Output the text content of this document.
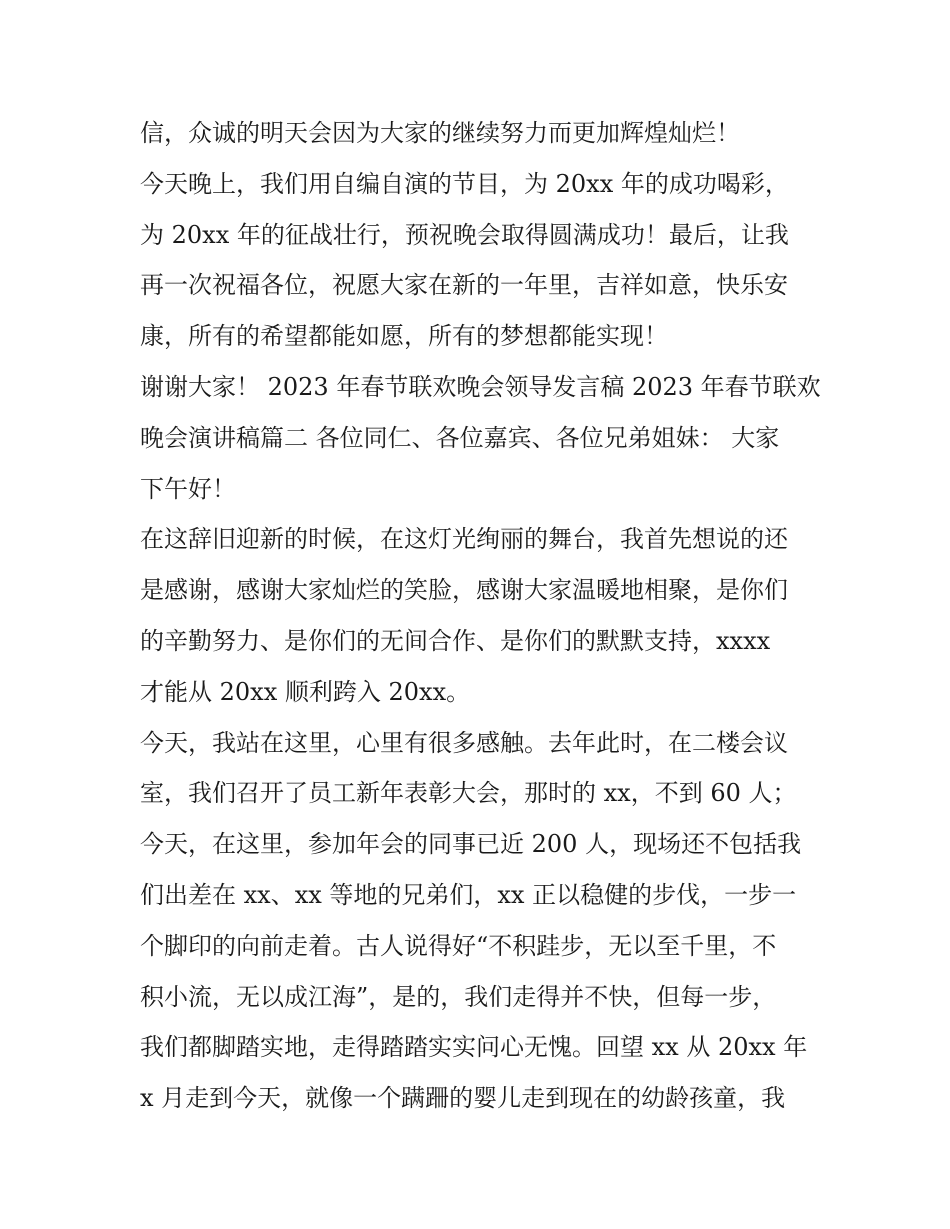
信，众诚的明天会因为大家的继续努力而更加辉煌灿烂！
今天晚上，我们用自编自演的节目，为 20xx 年的成功喝彩，
为 20xx 年的征战壮行，预祝晚会取得圆满成功！最后，让我
再一次祝福各位，祝愿大家在新的一年里，吉祥如意，快乐安
康，所有的希望都能如愿，所有的梦想都能实现！
谢谢大家！ 2023 年春节联欢晚会领导发言稿 2023 年春节联欢
晚会演讲稿篇二 各位同仁、各位嘉宾、各位兄弟姐妹： 大家
下午好！
在这辞旧迎新的时候，在这灯光绚丽的舞台，我首先想说的还
是感谢，感谢大家灿烂的笑脸，感谢大家温暖地相聚，是你们
的辛勤努力、是你们的无间合作、是你们的默默支持，xxxx
才能从 20xx 顺利跨入 20xx。
今天，我站在这里，心里有很多感触。去年此时，在二楼会议
室，我们召开了员工新年表彰大会，那时的 xx，不到 60 人；
今天，在这里，参加年会的同事已近 200 人，现场还不包括我
们出差在 xx、xx 等地的兄弟们，xx 正以稳健的步伐，一步一
个脚印的向前走着。古人说得好“不积跬步，无以至千里，不
积小流，无以成江海”，是的，我们走得并不快，但每一步，
我们都脚踏实地，走得踏踏实实问心无愧。回望 xx 从 20xx 年
x 月走到今天，就像一个蹒跚的婴儿走到现在的幼龄孩童，我
